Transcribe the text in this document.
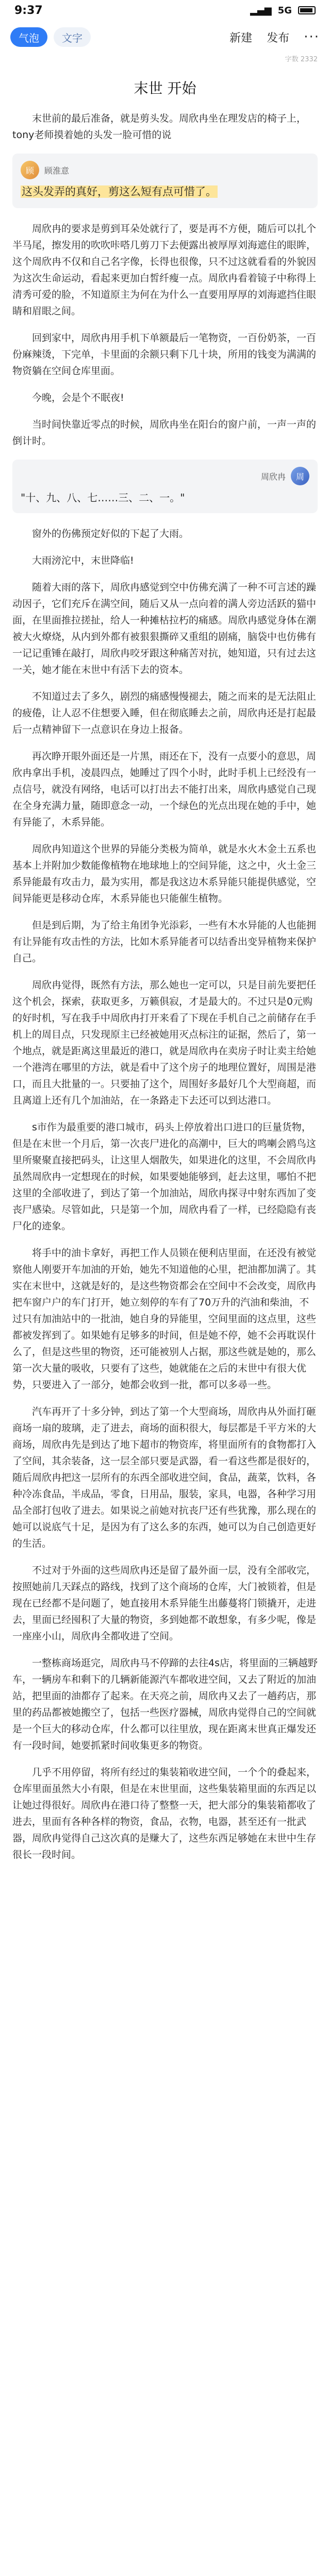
9:37	▂▄▆ 5G
气泡	文字	新建 发布 ···
字数 2332
末世 开始

末世前的最后准备，就是剪头发。周欣冉坐在理发店的椅子上，tony老师摸着她的头发一脸可惜的说

顾	顾淮意
这头发弄的真好，剪这么短有点可惜了。

周欣冉的要求是剪到耳朵处就行了，要是再不方便，随后可以扎个半马尾，擦发用的吹吹咔嗒几剪刀下去便露出被厚厚刘海遮住的眼眸，这个周欣冉不仅和自己名字像，长得也很像，只不过这就看看的外貌因为这次生命运动，看起来更加白皙纤瘦一点。周欣冉看着镜子中称得上清秀可爱的脸，不知道原主为何在为什么一直要用厚厚的刘海遮挡住眼睛和眉眼之间。

回到家中，周欣冉用手机下单额最后一笔物资，一百份奶茶，一百份麻辣烫，下完单，卡里面的余额只剩下几十块，所用的钱变为满满的物资躺在空间仓库里面。

今晚，会是个不眠夜!

当时间快靠近零点的时候，周欣冉坐在阳台的窗户前，一声一声的倒计时。

周欣冉	周
"十、九、八、七……三、二、一。"

窗外的伤佛预定好似的下起了大雨。

大雨滂沱中，末世降临!

随着大雨的落下，周欣冉感觉到空中仿佛充满了一种不可言述的躁动因子，它们充斥在满空间，随后又从一点向着的满人旁边活跃的猫中面，在里面推拉搓扯，给人一种摊枯拉朽的痛感。周欣冉感觉身体在潮被大火燎烧，从内到外都有被狠狠撕碎又重组的剧痛，脑袋中也仿佛有一记记重锤在敲打，周欣冉咬牙跟这种痛苦对抗，她知道，只有过去这一关，她才能在末世中有活下去的资本。

不知道过去了多久，剧烈的痛感慢慢褪去，随之而来的是无法阻止的疲倦，让人忍不住想要入睡，但在彻底睡去之前，周欣冉还是打起最后一点精神留下一点意识在身边上报备。

再次睁开眼外面还是一片黑，雨还在下，没有一点要小的意思，周欣冉拿出手机，凌晨四点，她睡过了四个小时，此时手机上已经没有一点信号，就没有网络，电话可以打出去不能打出来，周欣冉感觉自己现在全身充满力量，随即意念一动，一个绿色的光点出现在她的手中，她有异能了，木系异能。

周欣冉知道这个世界的异能分类极为简单，就是水火木金土五系也基本上并附加少数能像植物在地球地上的空间异能，这之中，火土金三系异能最有攻击力，最为实用，都是我这边木系异能只能提供感觉，空间异能更是移动仓库，木系异能也只能催生植物。

但是到后期，为了给主角团争光添彩，一些有木水异能的人也能拥有让异能有攻击性的方法，比如木系异能者可以结香出变异植物来保护自己。

周欣冉觉得，既然有方法，那么她也一定可以，只是目前先要把任这个机会，探索，获取更多，万籁俱寂，才是最大的。不过只是0元购的好时机，写在我手中周欣冉打开来看了下现在手机自己之前储存在手机上的周目点，只发现原主已经被她用灭点标注的证据，然后了，第一个地点，就是距离这里最近的港口，就是周欣冉在卖房子时让卖主给她一个港湾在哪里的方法，就是看中了这个房子的地理位置好，周围是港口，而且大批量的一。只要抽了这个，周围好多最好几个大型商超，而且离道上还有几个加油站，在一条路走下去还可以到达港口。

s市作为最重要的港口城市，码头上停放着出口进口的巨量货物，但是在末世一个月后，第一次丧尸进化的高潮中，巨大的鸣喇会鸥鸟这里所聚聚直接把码头，让这里人烟散失，如果进化的这里，不会周欣冉虽然周欣冉一定想现在的时候，如果要她能够到，赶去这里，哪怕不把这里的全部收进了，到达了第一个加油站，周欣冉探寻中射东西加了变丧尸感染。尽管如此，只是第一个加，周欣冉看了一样，已经隐隐有丧尸化的迹象。

将手中的油卡拿好，再把工作人员锁在便利店里面，在还没有被觉察他人刚要开车加油的开始，她先不知道他的心里，把油都加满了。其实在末世中，这就是好的，是这些物资都会在空间中不会改变，周欣冉把车窗户户的车门打开，她立刻停的车有了70万升的汽油和柴油，不过只有加油站中的一批油，她自身的异能里，空间里面的这点里，这些都被发挥到了。如果她有足够多的时间，但是她不停，她不会再耽误什么了，但是这些里的物资，还可能被别人占据，那这些就是她的，那么第一次大量的吸收，只要有了这些，她就能在之后的末世中有很大优势，只要进入了一部分，她都会收到一批，都可以多尋一些。

汽车再开了十多分钟，到达了第一个大型商场，周欣冉从外面打砸商场一扇的玻璃，走了进去，商场的面积很大，每层都是千平方米的大商场，周欣冉先是到达了地下超市的物资库，将里面所有的食物都打入了空间，其余装备，这一层全部只要是武器，看一看这些都是很好的，随后周欣冉把这一层所有的东西全部收进空间，食品，蔬菜，饮料，各种冷冻食品，半成品，零食，日用品，服装，家具，电器，各种学习用品全部打包收了进去。如果说之前她对抗丧尸还有些犹豫，那么现在的她可以说底气十足，是因为有了这么多的东西，她可以为自己创造更好的生活。

不过对于外面的这些周欣冉还是留了最外面一层，没有全部收完，按照她前几天踩点的路线，找到了这个商场的仓库，大门被锁着，但是现在已经都不是问题了，她直接用木系异能生出藤蔓将门锁撬开，走进去，里面已经囤积了大量的物资，多到她都不敢想象，有多少呢，像是一座座小山，周欣冉全都收进了空间。

一整栋商场逛完，周欣冉马不停蹄的去往4s店，将里面的三辆越野车，一辆房车和剩下的几辆新能源汽车都收进空间，又去了附近的加油站，把里面的油都存了起来。在天亮之前，周欣冉又去了一趟药店，那里的药品都被她搬空了，包括一些医疗器械，周欣冉觉得自己的空间就是一个巨大的移动仓库，什么都可以往里放，现在距离末世真正爆发还有一段时间，她要抓紧时间收集更多的物资。

几乎不用停留，将所有经过的集装箱收进空间，一个个的叠起来，仓库里面虽然大小有限，但是在末世里面，这些集装箱里面的东西足以让她过得很好。周欣冉在港口待了整整一天，把大部分的集装箱都收了进去，里面有各种各样的物资，食品，衣物，电器，甚至还有一批武器，周欣冉觉得自己这次真的是赚大了，这些东西足够她在末世中生存很长一段时间。
